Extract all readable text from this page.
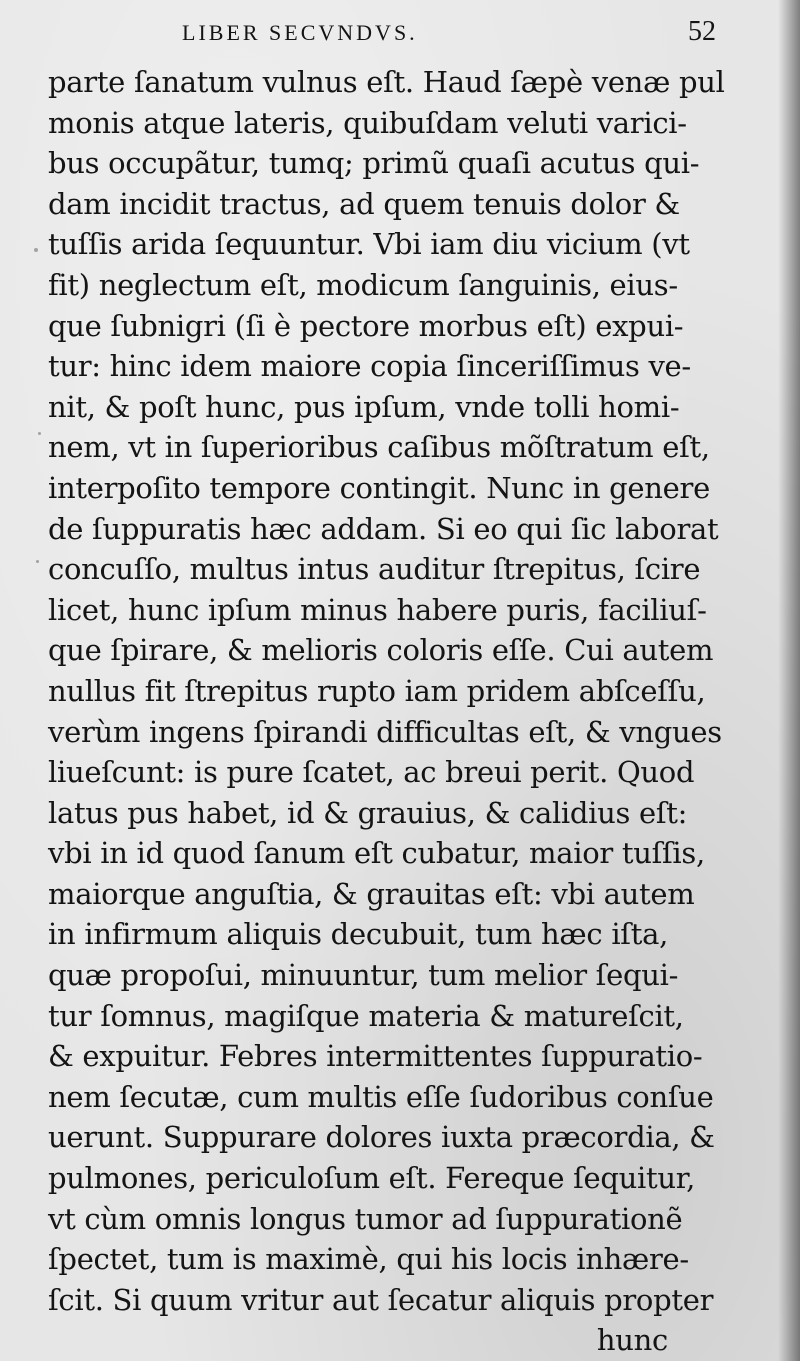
LIBER SECVNDVS.	52
parte ſanatum vulnus eſt. Haud ſæpè venæ pul
monis atque lateris, quibuſdam veluti varici-
bus occupãtur, tumq; primũ quaſi acutus qui-
dam incidit tractus, ad quem tenuis dolor &
tuſſis arida ſequuntur. Vbi iam diu vicium (vt
fit) neglectum eſt, modicum ſanguinis, eius-
que ſubnigri (ſi è pectore morbus eſt) expui-
tur: hinc idem maiore copia ſinceriſſimus ve-
nit, & poſt hunc, pus ipſum, vnde tolli homi-
nem, vt in ſuperioribus caſibus mõſtratum eſt,
interpoſito tempore contingit. Nunc in genere
de ſuppuratis hæc addam. Si eo qui ſic laborat
concuſſo, multus intus auditur ſtrepitus, ſcire
licet, hunc ipſum minus habere puris, faciliuſ-
que ſpirare, & melioris coloris eſſe. Cui autem
nullus fit ſtrepitus rupto iam pridem abſceſſu,
verùm ingens ſpirandi difficultas eſt, & vngues
liueſcunt: is pure ſcatet, ac breui perit. Quod
latus pus habet, id & grauius, & calidius eſt:
vbi in id quod ſanum eſt cubatur, maior tuſſis,
maiorque anguſtia, & grauitas eſt: vbi autem
in infirmum aliquis decubuit, tum hæc iſta,
quæ propoſui, minuuntur, tum melior ſequi-
tur ſomnus, magiſque materia & matureſcit,
& expuitur. Febres intermittentes ſuppuratio-
nem ſecutæ, cum multis eſſe ſudoribus conſue
uerunt. Suppurare dolores iuxta præcordia, &
pulmones, periculoſum eſt. Fereque ſequitur,
vt cùm omnis longus tumor ad ſuppurationẽ
ſpectet, tum is maximè, qui his locis inhære-
ſcit. Si quum vritur aut ſecatur aliquis propter
hunc
